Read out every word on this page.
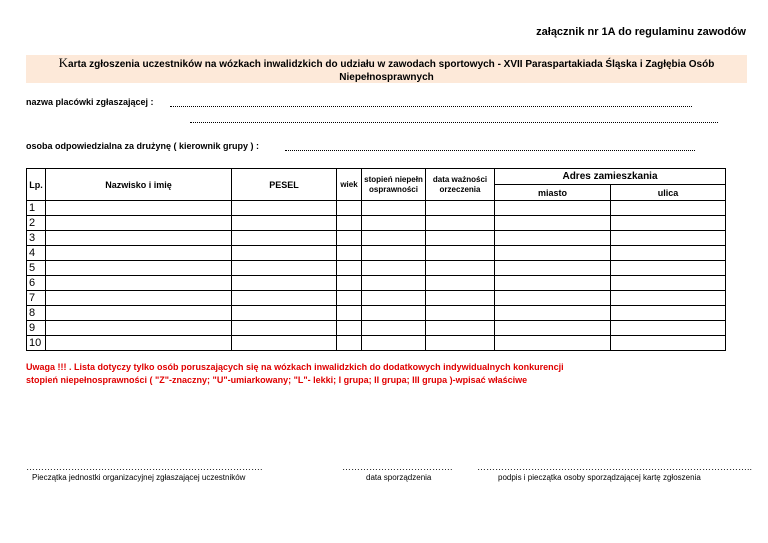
załącznik nr 1A do regulaminu zawodów
Karta zgłoszenia uczestników na wózkach inwalidzkich do udziału w zawodach sportowych - XVII Paraspartakiada Śląska i Zagłębia Osób
Niepełnosprawnych
nazwa placówki zgłaszającej :
osoba odpowiedzialna za drużynę ( kierownik grupy ) :
Lp.	Nazwisko i imię	PESEL	wiek	stopień niepełnosprawności	data ważności orzeczenia	Adres zamieszkania	
						miasto	ulica
1							
2							
3							
4							
5							
6							
7							
8							
9							
10							
Uwaga !!! . Lista dotyczy tylko osób poruszających się na wózkach inwalidzkich do dodatkowych indywidualnych konkurencji
stopień niepełnosprawności ( "Z"-znaczny; "U"-umiarkowany; "L"- lekki; I grupa; II grupa; III grupa )-wpisać właściwe
…………………………………………………………………….
Pieczątka jednostki organizacyjnej zgłaszającej uczestników
……………………………….
data sporządzenia
………………………………………………………………………………..
podpis i pieczątka osoby sporządzającej kartę zgłoszenia
